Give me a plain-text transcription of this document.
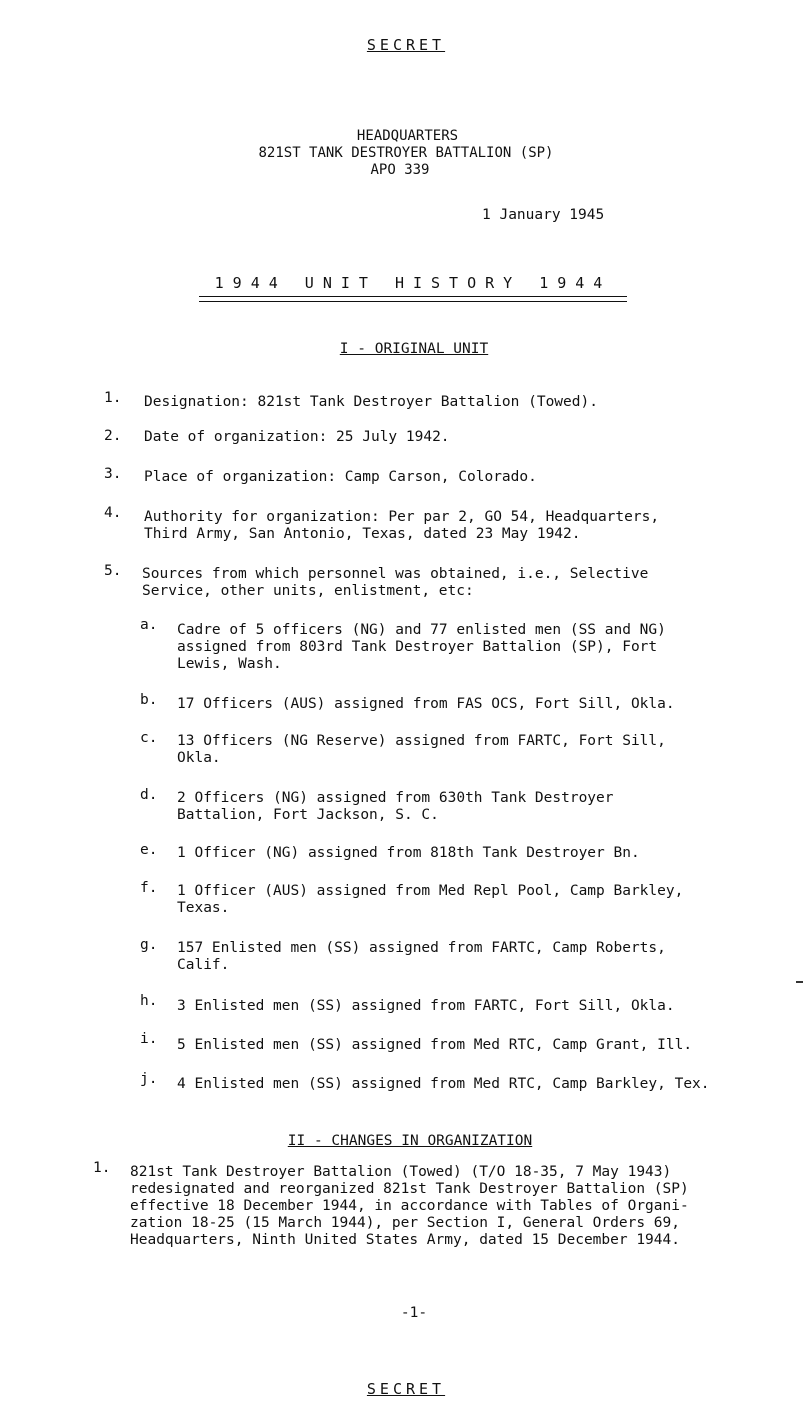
SECRET
HEADQUARTERS
821ST TANK DESTROYER BATTALION (SP)
APO 339
1 January 1945
1944 UNIT HISTORY 1944
I - ORIGINAL UNIT
1.	Designation: 821st Tank Destroyer Battalion (Towed).
2.	Date of organization: 25 July 1942.
3.	Place of organization: Camp Carson, Colorado.
4.	Authority for organization: Per par 2, GO 54, Headquarters,
Third Army, San Antonio, Texas, dated 23 May 1942.
5.	Sources from which personnel was obtained, i.e., Selective
Service, other units, enlistment, etc:
a.	Cadre of 5 officers (NG) and 77 enlisted men (SS and NG)
assigned from 803rd Tank Destroyer Battalion (SP), Fort
Lewis, Wash.
b.	17 Officers (AUS) assigned from FAS OCS, Fort Sill, Okla.
c.	13 Officers (NG Reserve) assigned from FARTC, Fort Sill,
Okla.
d.	2 Officers (NG) assigned from 630th Tank Destroyer
Battalion, Fort Jackson, S. C.
e.	1 Officer (NG) assigned from 818th Tank Destroyer Bn.
f.	1 Officer (AUS) assigned from Med Repl Pool, Camp Barkley,
Texas.
g.	157 Enlisted men (SS) assigned from FARTC, Camp Roberts,
Calif.
h.	3 Enlisted men (SS) assigned from FARTC, Fort Sill, Okla.
i.	5 Enlisted men (SS) assigned from Med RTC, Camp Grant, Ill.
j.	4 Enlisted men (SS) assigned from Med RTC, Camp Barkley, Tex.
II - CHANGES IN ORGANIZATION
1.	821st Tank Destroyer Battalion (Towed) (T/O 18-35, 7 May 1943)
redesignated and reorganized 821st Tank Destroyer Battalion (SP)
effective 18 December 1944, in accordance with Tables of Organi-
zation 18-25 (15 March 1944), per Section I, General Orders 69,
Headquarters, Ninth United States Army, dated 15 December 1944.
-1-
SECRET
